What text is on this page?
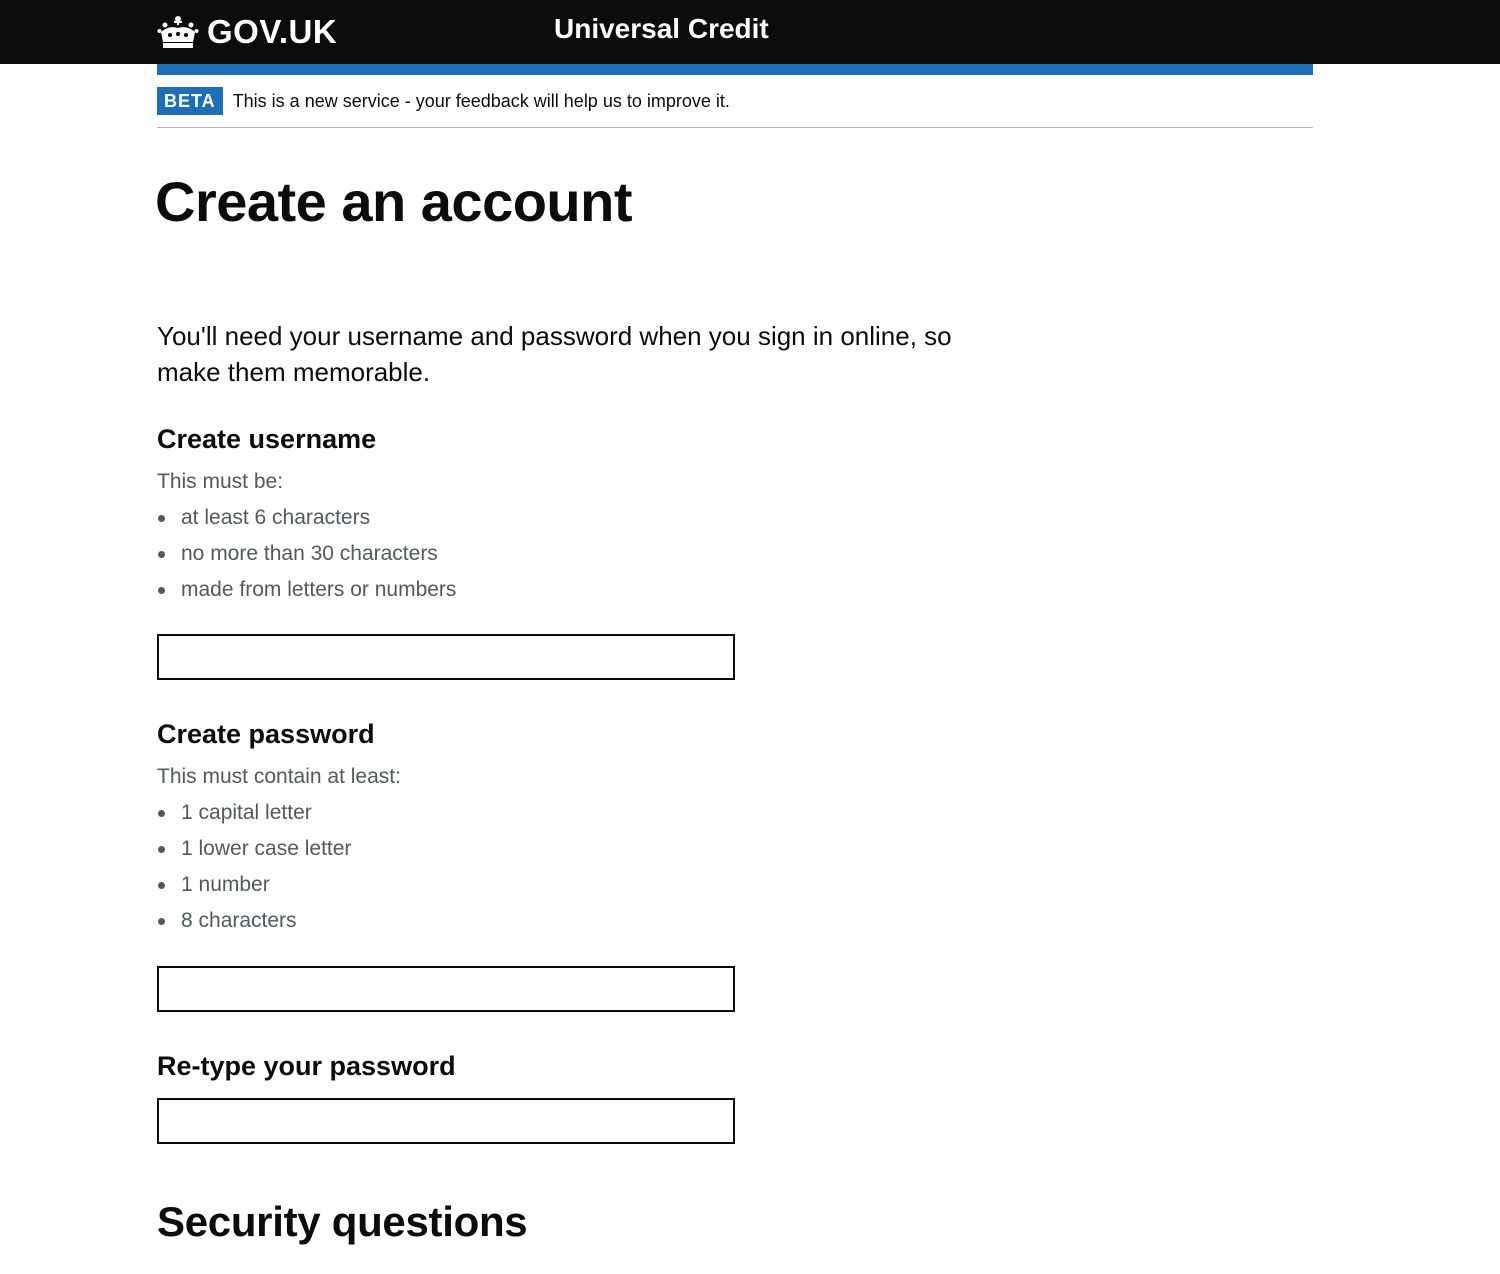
GOV.UK	Universal Credit
BETA This is a new service - your feedback will help us to improve it.
Create an account

You'll need your username and password when you sign in online, so make them memorable.

Create username
This must be:
at least 6 characters
no more than 30 characters
made from letters or numbers
Create password
This must contain at least:
1 capital letter
1 lower case letter
1 number
8 characters
Re-type your password
Security questions
